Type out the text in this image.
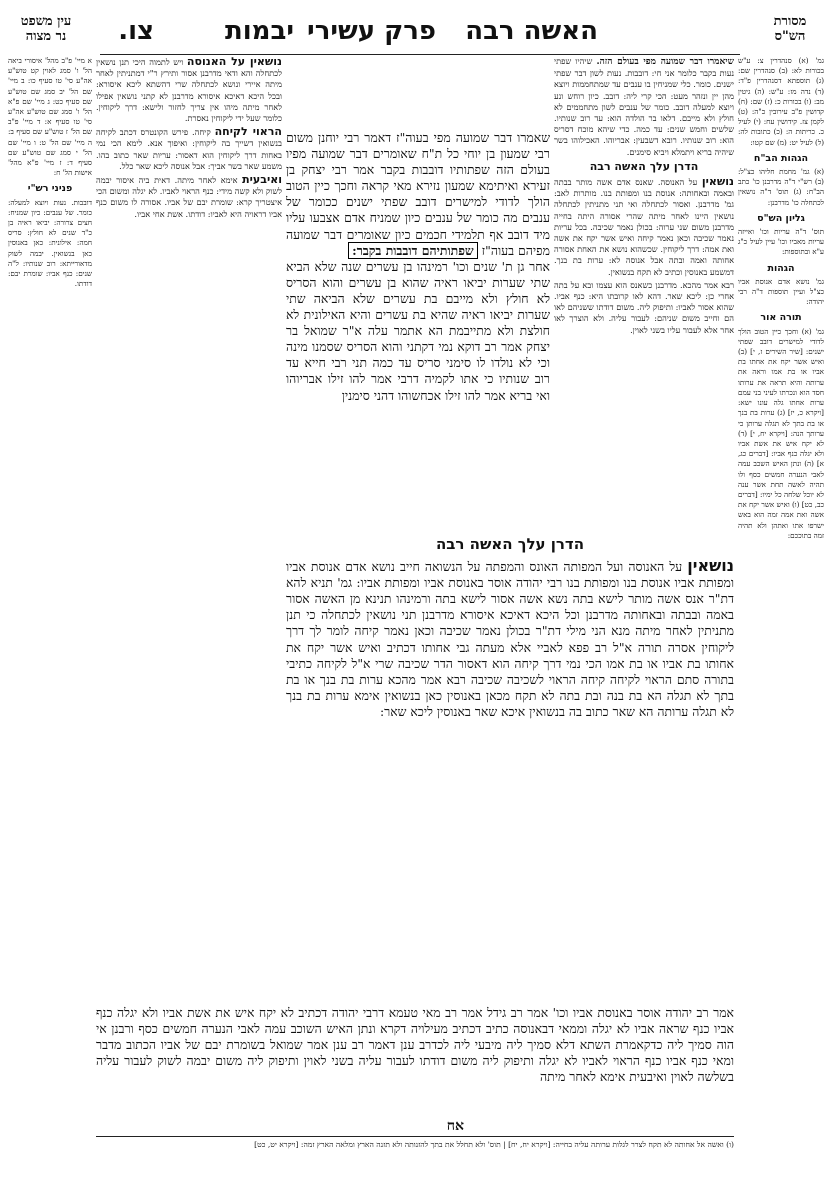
מסורת
הש"ס
האשה רבה
פרק עשירי
יבמות
צו.
עין משפט
נר מצוה

גמ' (א) סנהדרין צ: ע"ש בכורות לא: (ב) סנהדרין שם: (ג) תוספתא דסנהדרין פ"ד: (ד) נדה מז: ע"ש: (ה) גיטין מב: (ו) בכורות כ: (ז) שם: (ח) קדושין פ"ב עירובין כ"ה: (ט) לקמן צז. קידושין עח: (י) לעיל כ. כריתות ה: (כ) כתובות לה: (ל) לעיל יט: (מ) שם קטו:

הגהות הב"ח

(א) גמ' מחמת חליהו כצ"ל: (ב) רש"י ד"ה מדרבנן כו' כתב הב"ח: (ג) תוס' ד"ה נושאין לכתחלה כו' מדרבנן:

גליון הש"ס

תוס' ד"ה עריות וכו' ואייזה עריות מאביו וכו' עיין לעיל כ"ג ע"א ובתוספות:

הגהות

גמ' נושא אדם אנוסת אביו כצ"ל ועיין תוספות ד"ה רבי יהודה:

תורה אור

גמ' (א) וחכך כיין הטוב הולך לדודי למישרים דובב שפתי ישנים: [שיר השירים ז, י] (ב) ואיש אשר יקח את אחתו בת אביו או בת אמו וראה את ערותה והיא תראה את ערותו חסד הוא ונכרתו לעיני בני עמם ערות אחתו גלה עונו ישא: [ויקרא כ, יז] (ג) ערות בת בנך או בת בתך לא תגלה ערותן כי ערותך הנה: [ויקרא יח, י] (ד) לא יקח איש את אשת אביו ולא יגלה כנף אביו: [דברים כג, א] (ה) ונתן האיש השכב עמה לאבי הנערה חמשים כסף ולו תהיה לאשה תחת אשר ענה לא יוכל שלחה כל ימיו: [דברים כב, כט] (ו) ואיש אשר יקח את אשה ואת אמה זמה הוא באש ישרפו אתו ואתהן ולא תהיה זמה בתוככם:

שיאמרו דבר שמועה מפי בעולם הזה. שיהיו שפתי נעות בקבר כלומר אני חי: דובבות. נעות לשון דבר שפתי ישנים. כומר. כלי שמניחין בו ענבים עד שמתחממות ויוצא מהן יין ונזהר מעט: הכי קרי ליה: דובב. כיון רוחש ונע ויוצא למעלה דובב. כומר של ענבים לשון מתחממים לא חולץ ולא מייבם. דלאו בר הולדה הוא: עד רוב שנותיו. שלשים וחמש שנים: עד כמה. כדי שיהא מוכח דסריס הוא: רוב שנותיו. רובא דשבעין: אבריוהו. האכילוהו בשר שיהיה בריא ויתמלא ויביא סימנים.

הדרן עלך האשה רבה

נושאין על האנוסה. שאנס אדם אשה מותר בבתה ובאמה ובאחותה: אנוסת בנו ומפותת בנו. מותרות לאב: גמ' מדרבנן. ואסור לכתחלה ואי תני מתניתין לכתחלה נושאין היינו לאחר מיתה שהרי אסורה היתה בחייה מדרבנן משום שני ערוה: בכולן נאמר שכיבה. בכל עריות נאמר שכיבה וכאן נאמר קיחה ואיש אשר יקח את אשה ואת אמה: דרך ליקוחין. שכשהוא נושא את האחת אסורה אחותה ואמה ובתה אבל אנוסה לא: ערות בת בנך. דמשמע באנוסין וכתיב לא תקח בנשואין.

רבא אמר מהכא. מדרבנן כשאנס הוא עצמו ובא על בתה אחרי כן: ליכא שאר. דהא לאו קרובתו היא: כנף אביו. שהוא אסור לאביו: ותיפוק ליה. משום דודתו ששניהם לאו הם וחייב משום שניהם: לעבור עליה. ולא הוצרך לאו אחר אלא לעבור עליו בשני לאוין.

נושאין על האנוסה ויש לתמוה היכי תנן נושאין לכתחלה והא ודאי מדרבנן אסור ותירץ ר"י דמתניתין לאחר מיתה איירי ונושא לכתחלה שרי דהשתא ליכא איסורא: ובכל היכא דאיכא איסורא מדרבנן לא קתני נושאין אפילו לאחר מיתה מיהו אין צריך לחזור ולישא: דרך ליקוחין. כלומר שעל ידי ליקוחין נאסרת.

הראוי לקיחה קיחה. פירש הקונטרס דכתב לקיחה בנשואין דשייך בה ליקוחין: ואיפוך אנא. לימא הכי נמי באחות דרך ליקוחין הוא דאסור: עריות שאר כתוב בהו. משמע שאר בשר אביך: אבל אנוסה ליכא שאר כלל.

ואיבעית אימא לאחר מיתה. דאית ביה איסור יבמה לשוק ולא קשה מידי: כנף הראוי לאביו. לא יגלה ומשום הכי איצטריך קרא: שומרת יבם של אביו. אסורה לו משום כנף אביו דראויה היא לאביו: דודתו. אשת אחי אביו.

שאמרו דבר שמועה מפי בעוה"ז דאמר רבי יוחנן משום רבי שמעון בן יוחי כל ת"ח שאומרים דבר שמועה מפיו בעולם הזה שפתותיו דובבות בקבר אמר רבי יצחק בן זעירא ואיתימא שמעון נזירא מאי קראה וחכך כיין הטוב הולך לדודי למישרים דובב שפתי ישנים ככומר של ענבים מה כומר של ענבים כיון שמניח אדם אצבעו עליו מיד דובב אף תלמידי חכמים כיון שאומרים דבר שמועה מפיהם בעוה"ז שפתותיהם דובבות בקבר:

אחר גן ת' שנים וכו' רמינהו בן עשרים שנה שלא הביא שתי שערות יביאו ראיה שהוא בן עשרים והוא הסריס לא חולץ ולא מייבם בת עשרים שלא הביאה שתי שערות יביאו ראיה שהיא בת עשרים והיא האילונית לא חולצת ולא מתייבמת הא אתמר עלה א"ר שמואל בר יצחק אמר רב דוקא נמי דקתני והוא הסריס שסמנו מינה וכי לא נולדו לו סימני סריס עד כמה תני רבי חייא עד רוב שנותיו כי אתו לקמיה דרבי אמר להו זילו אבריוהו ואי בריא אמר להו זילו אכחשוהו דהני סימנין

הדרן עלך האשה רבה

נושאין על האנוסה ועל המפותה האונס והמפתה על הנשואה חייב נושא אדם אנוסת אביו ומפותת אביו אנוסת בנו ומפותת בנו רבי יהודה אוסר באנוסת אביו ומפותת אביו: גמ' תניא להא דת"ר אנס אשה מותר לישא בתה נשא אשה אסור לישא בתה ורמינהו תנינא מן האשה אסור באמה ובבתה ובאחותה מדרבנן וכל היכא דאיכא איסורא מדרבנן תני נושאין לכתחלה כי תנן מתניתין לאחר מיתה מנא הני מילי דת"ר בכולן נאמר שכיבה וכאן נאמר קיחה לומר לך דרך ליקוחין אסרה תורה א"ל רב פפא לאביי אלא מעתה גבי אחותו דכתיב ואיש אשר יקח את אחותו בת אביו או בת אמו הכי נמי דרך קיחה הוא דאסור הדר שכיבה שרי א"ל לקיחה כתיבי בתורה סתם הראוי לקיחה קיחה הראוי לשכיבה שכיבה רבא אמר מהכא ערות בת בנך או בת בתך לא תגלה הא בת בנה ובת בתה לא תקח מכאן באנוסין כאן בנשואין אימא ערות בת בנך לא תגלה ערותה הא שאר כתוב בה בנשואין איכא שאר באנוסין ליכא שאר:

אמר רב יהודה אוסר באנוסת אביו וכו' אמר רב גידל אמר רב מאי טעמא דרבי יהודה דכתיב לא יקח איש את אשת אביו ולא יגלה כנף אביו כנף שראה אביו לא יגלה וממאי דבאנוסה כתיב דכתיב מעילויה דקרא ונתן האיש השוכב עמה לאבי הנערה חמשים כסף ורבנן אי הוה סמיך ליה כדקאמרת השתא דלא סמיך ליה מיבעי ליה לכדרב ענן דאמר רב ענן אמר שמואל בשומרת יבם של אביו הכתוב מדבר ומאי כנף אביו כנף הראוי לאביו לא יגלה ותיפוק ליה משום דודתו לעבור עליה בשני לאוין ותיפוק ליה משום יבמה לשוק לעבור עליה בשלשה לאוין ואיבעית אימא לאחר מיתה

א מיי' פ"ב מהל' איסורי ביאה הל' ו' סמג לאוין קט טוש"ע אה"ע סי' טו סעיף כו: ב מיי' שם הל' יב סמג שם טוש"ע שם סעיף כט: ג מיי' שם פ"א הל' ו' סמג שם טוש"ע אה"ע סי' טו סעיף א: ד מיי' פ"ב שם הל' ז טוש"ע שם סעיף ב: ה מיי' שם הל' ט: ו מיי' שם הל' י סמג שם טוש"ע שם סעיף ד: ז מיי' פ"א מהל' אישות הל' ח:

פניני רש"י

דובבות. נעות ויוצא למעלה: כומר. של ענבים: כיון שמניח: חצים צרורה: יביאו ראיה בן כ"ד שנים לא חולץ: סריס חמה: אילונית: כאן באנוסין כאן בנשואין. יבמה לשוק מדאורייתא: רוב שנותיו: ל"ה שנים: כנף אביו: שומרת יבם: דודתו.

(ו) ואשה אל אחותה לא תקח לצרר לגלות ערותה עליה בחייה: [ויקרא יח, יח] | תוס' ולא תחלל את בתך להזנותה ולא תזנה הארץ ומלאה הארץ זמה: [ויקרא יט, כט]
אח
